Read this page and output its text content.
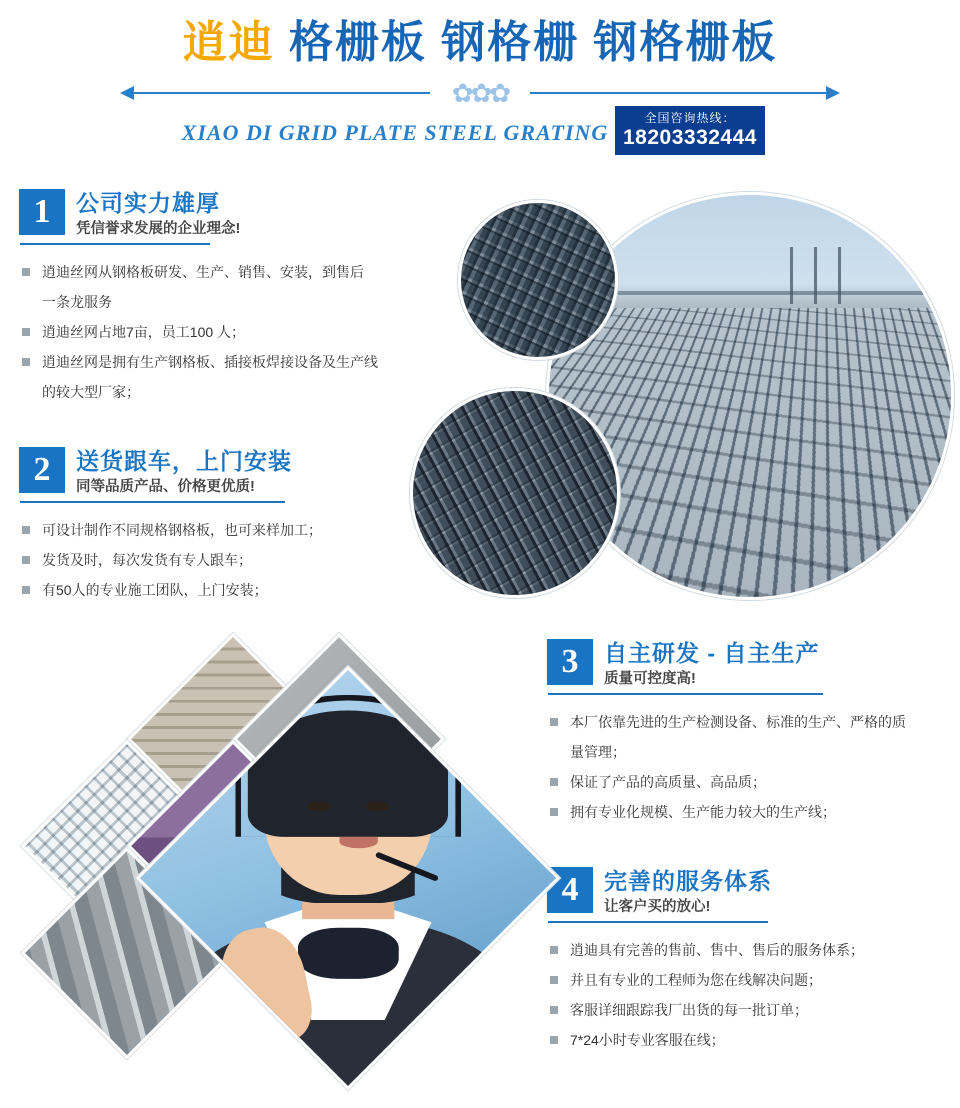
逍迪 格栅板 钢格栅 钢格栅板
✿✿✿
XIAO DI GRID PLATE STEEL GRATING
全国咨询热线：
18203332444
1	公司实力雄厚
凭信誉求发展的企业理念!
逍迪丝网从钢格板研发、生产、销售、安装，到售后
一条龙服务
逍迪丝网占地7亩，员工100 人；
逍迪丝网是拥有生产钢格板、插接板焊接设备及生产线
的较大型厂家；
2	送货跟车，上门安装
同等品质产品、价格更优质!
可设计制作不同规格钢格板，也可来样加工；
发货及时，每次发货有专人跟车；
有50人的专业施工团队，上门安装；
3	自主研发 - 自主生产
质量可控度高!
本厂依靠先进的生产检测设备、标准的生产、严格的质
量管理；
保证了产品的高质量、高品质；
拥有专业化规模、生产能力较大的生产线；
4	完善的服务体系
让客户买的放心!
逍迪具有完善的售前、售中、售后的服务体系；
并且有专业的工程师为您在线解决问题；
客服详细跟踪我厂出货的每一批订单；
7*24小时专业客服在线；
